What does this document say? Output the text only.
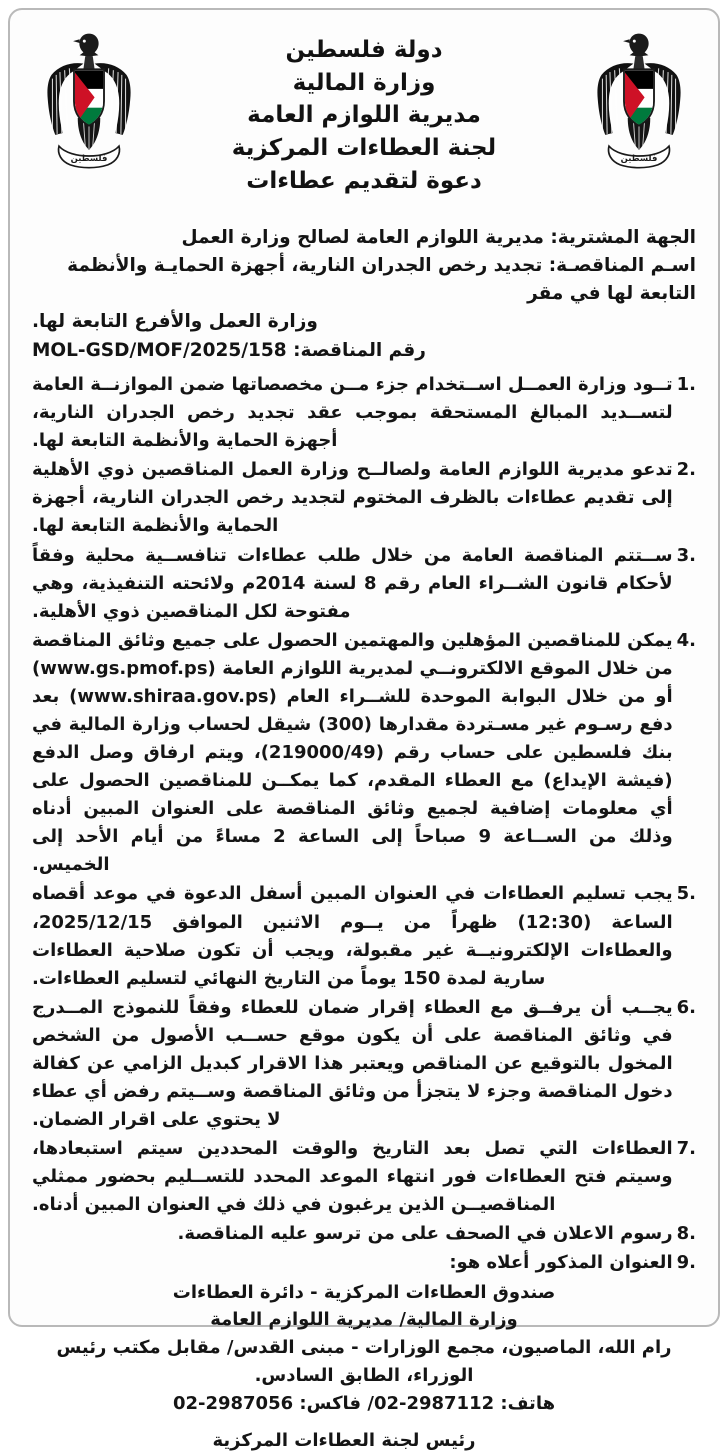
فلسطين
دولة فلسطين
وزارة المالية
مديرية اللوازم العامة
لجنة العطاءات المركزية
دعوة لتقديم عطاءات
فلسطين
الجهة المشترية: مديرية اللوازم العامة لصالح وزارة العمل
اسـم المناقصـة: تجديد رخص الجدران النارية، أجهزة الحمايـة والأنظمة التابعة لها في مقر
وزارة العمل والأفرع التابعة لها.
رقم المناقصة: MOL-GSD/MOF/2025/158
1.
تــود وزارة العمــل اســتخدام جزء مــن مخصصاتها ضمن الموازنــة العامة لتســديد المبالغ المستحقة بموجب عقد تجديد رخص الجدران النارية، أجهزة الحماية والأنظمة التابعة لها.
2.
تدعو مديرية اللوازم العامة ولصالــح وزارة العمل المناقصين ذوي الأهلية إلى تقديم عطاءات بالظرف المختوم لتجديد رخص الجدران النارية، أجهزة الحماية والأنظمة التابعة لها.
3.
ســتتم المناقصة العامة من خلال طلب عطاءات تنافســية محلية وفقاً لأحكام قانون الشــراء العام رقم 8 لسنة 2014م ولائحته التنفيذية، وهي مفتوحة لكل المناقصين ذوي الأهلية.
4.
يمكن للمناقصين المؤهلين والمهتمين الحصول على جميع وثائق المناقصة من خلال الموقع الالكترونــي لمديرية اللوازم العامة (www.gs.pmof.ps) أو من خلال البوابة الموحدة للشــراء العام (www.shiraa.gov.ps) بعد دفع رسـوم غير مسـتردة مقدارها (300) شيقل لحساب وزارة المالية في بنك فلسطين على حساب رقم (219000/49)، ويتم ارفاق وصل الدفع (فيشة الإيداع) مع العطاء المقدم، كما يمكــن للمناقصين الحصول على أي معلومات إضافية لجميع وثائق المناقصة على العنوان المبين أدناه وذلك من الســاعة 9 صباحاً إلى الساعة 2 مساءً من أيام الأحد إلى الخميس.
5.
يجب تسليم العطاءات في العنوان المبين أسفل الدعوة في موعد أقصاه الساعة (12:30) ظهراً من يــوم الاثنين الموافق 2025/12/15، والعطاءات الإلكترونيــة غير مقبولة، ويجب أن تكون صلاحية العطاءات سارية لمدة 150 يوماً من التاريخ النهائي لتسليم العطاءات.
6.
يجــب أن يرفــق مع العطاء إقرار ضمان للعطاء وفقاً للنموذج المــدرج في وثائق المناقصة على أن يكون موقع حســب الأصول من الشخص المخول بالتوقيع عن المناقص ويعتبر هذا الاقرار كبديل الزامي عن كفالة دخول المناقصة وجزء لا يتجزأ من وثائق المناقصة وســيتم رفض أي عطاء لا يحتوي على اقرار الضمان.
7.
العطاءات التي تصل بعد التاريخ والوقت المحددين سيتم استبعادها، وسيتم فتح العطاءات فور انتهاء الموعد المحدد للتســليم بحضور ممثلي المناقصيــن الذين يرغبون في ذلك في العنوان المبين أدناه.
8.
رسوم الاعلان في الصحف على من ترسو عليه المناقصة.
9.
العنوان المذكور أعلاه هو:
صندوق العطاءات المركزية - دائرة العطاءات
وزارة المالية/ مديرية اللوازم العامة
رام الله، الماصيون، مجمع الوزارات - مبنى القدس/ مقابل مكتب رئيس الوزراء، الطابق السادس.
هاتف: 02-2987112/ فاكس: 02-2987056
رئيس لجنة العطاءات المركزية
